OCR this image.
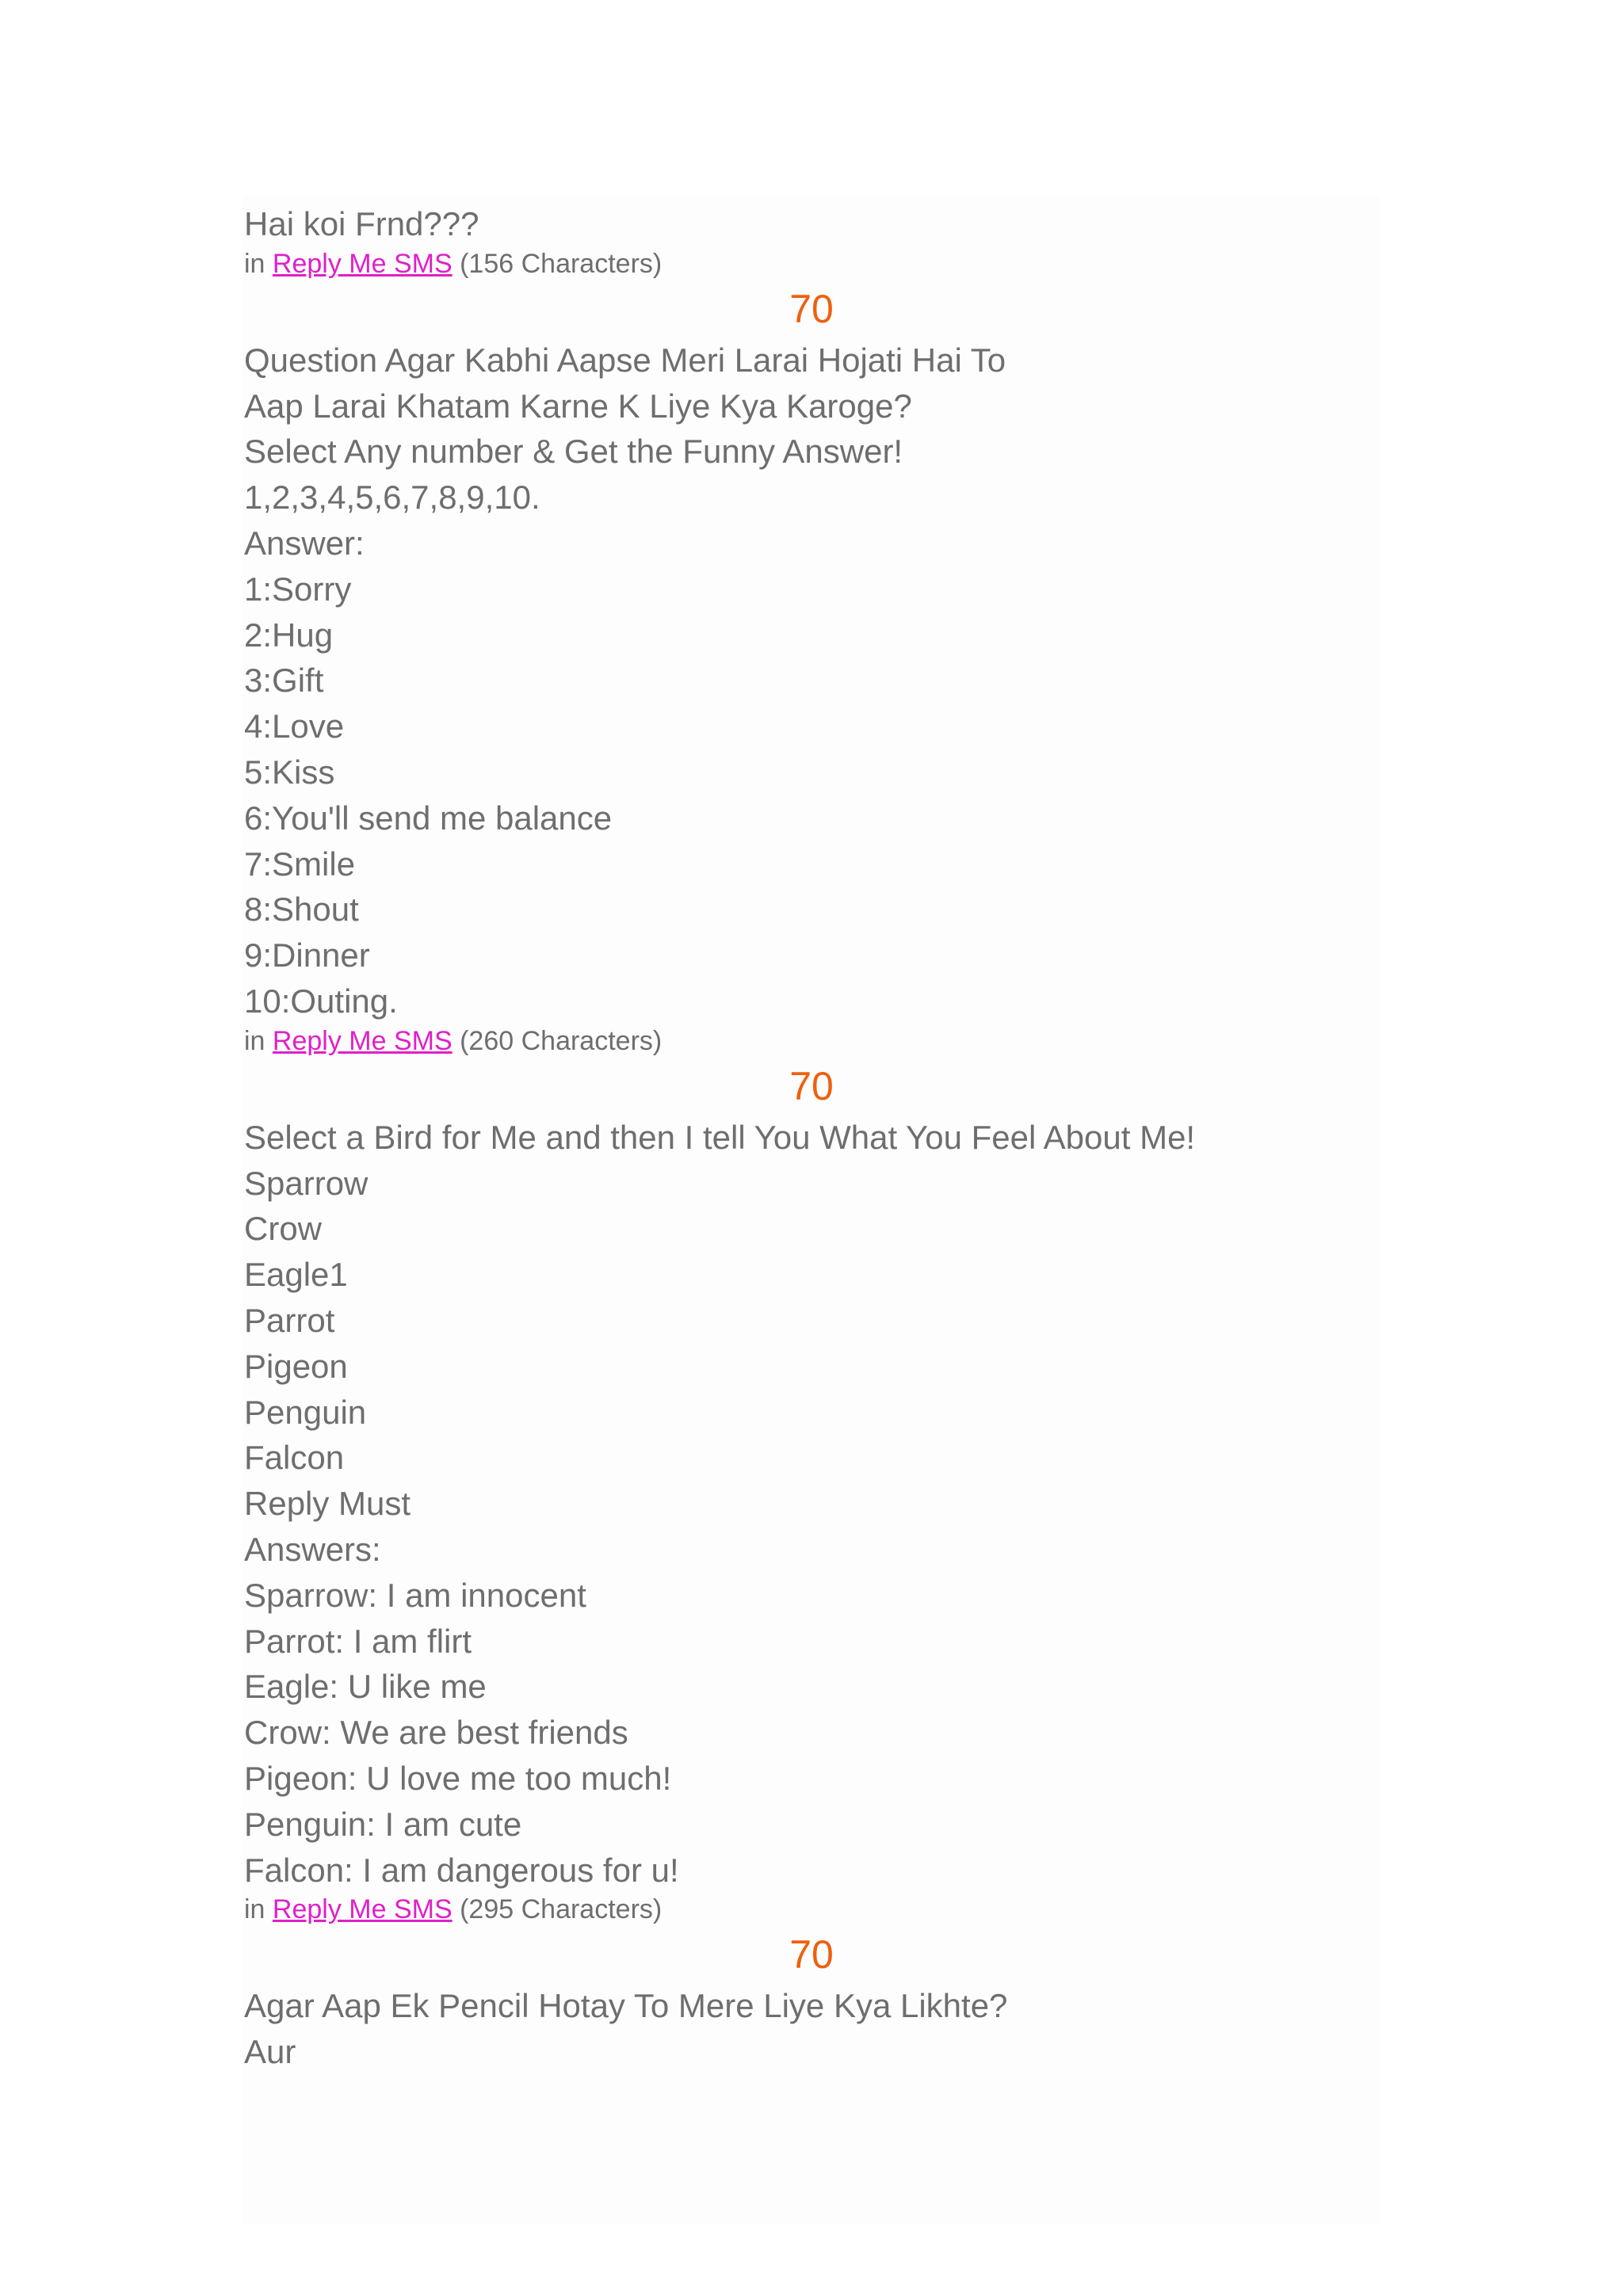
Hai koi Frnd???
in Reply Me SMS (156 Characters)
70
Question Agar Kabhi Aapse Meri Larai Hojati Hai To
Aap Larai Khatam Karne K Liye Kya Karoge?
Select Any number & Get the Funny Answer!
1,2,3,4,5,6,7,8,9,10.
Answer:
1:Sorry
2:Hug
3:Gift
4:Love
5:Kiss
6:You'll send me balance
7:Smile
8:Shout
9:Dinner
10:Outing.
in Reply Me SMS (260 Characters)
70
Select a Bird for Me and then I tell You What You Feel About Me!
Sparrow
Crow
Eagle1
Parrot
Pigeon
Penguin
Falcon
Reply Must
Answers:
Sparrow: I am innocent
Parrot: I am flirt
Eagle: U like me
Crow: We are best friends
Pigeon: U love me too much!
Penguin: I am cute
Falcon: I am dangerous for u!
in Reply Me SMS (295 Characters)
70
Agar Aap Ek Pencil Hotay To Mere Liye Kya Likhte?
Aur
